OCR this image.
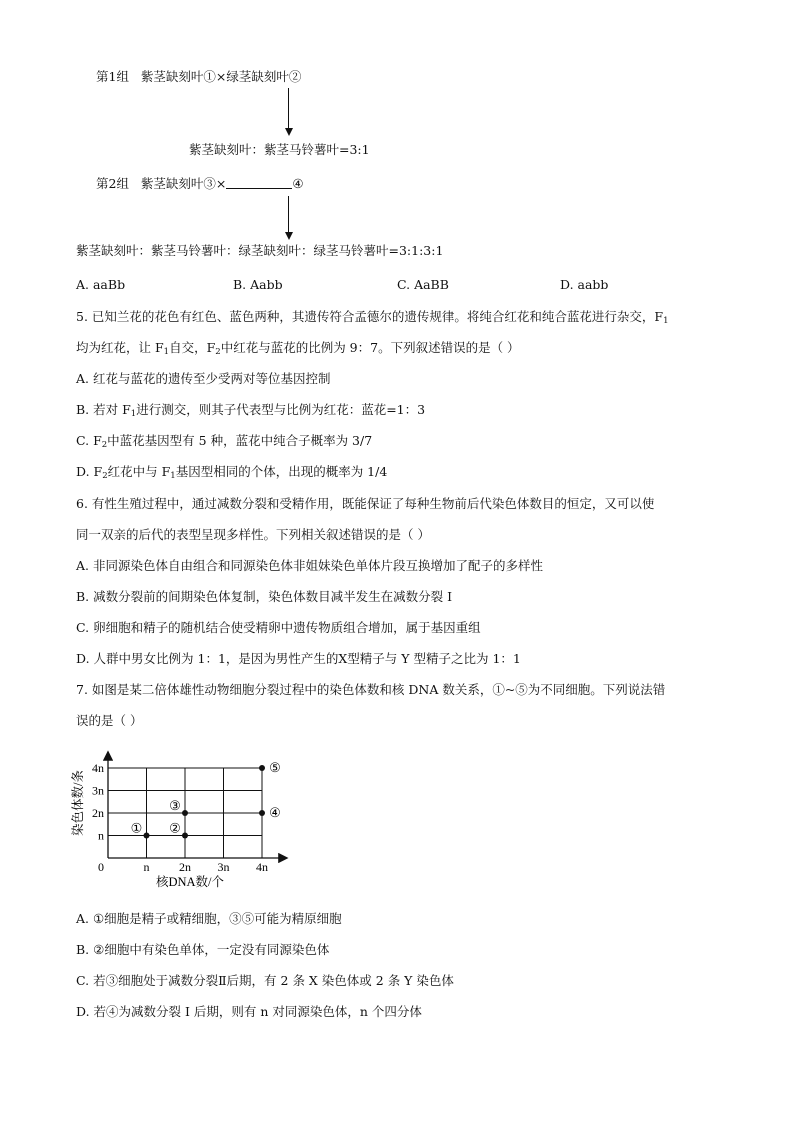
第1组 紫茎缺刻叶①×绿茎缺刻叶②
紫茎缺刻叶：紫茎马铃薯叶=3:1
第2组 紫茎缺刻叶③×	④
紫茎缺刻叶：紫茎马铃薯叶：绿茎缺刻叶：绿茎马铃薯叶=3:1:3:1
A. aaBb	B. Aabb	C. AaBB	D. aabb
5. 已知兰花的花色有红色、蓝色两种，其遗传符合孟德尔的遗传规律。将纯合红花和纯合蓝花进行杂交，$F_1$
均为红花，让 $F_1$自交，$F_2$中红花与蓝花的比例为 9：7。下列叙述错误的是（ ）
A. 红花与蓝花的遗传至少受两对等位基因控制
B. 若对 $F_1$进行测交，则其子代表型与比例为红花：蓝花=1：3
C. $F_2$中蓝花基因型有 5 种，蓝花中纯合子概率为 3/7
D. $F_2$红花中与 $F_1$基因型相同的个体，出现的概率为 1/4
6. 有性生殖过程中，通过减数分裂和受精作用，既能保证了每种生物前后代染色体数目的恒定，又可以使
同一双亲的后代的表型呈现多样性。下列相关叙述错误的是（ ）
A. 非同源染色体自由组合和同源染色体非姐妹染色单体片段互换增加了配子的多样性
B. 减数分裂前的间期染色体复制，染色体数目减半发生在减数分裂 I
C. 卵细胞和精子的随机结合使受精卵中遗传物质组合增加，属于基因重组
D. 人群中男女比例为 1：1，是因为男性产生的X型精子与 Y 型精子之比为 1：1
7. 如图是某二倍体雄性动物细胞分裂过程中的染色体数和核 DNA 数关系，①~⑤为不同细胞。下列说法错
误的是（ ）
n 2n 3n 4n
n
2n
3n
4n
① ②
③	④
⑤
0
核DNA数/个
染色体数/条
A. ①细胞是精子或精细胞，③⑤可能为精原细胞
B. ②细胞中有染色单体，一定没有同源染色体
C. 若③细胞处于减数分裂Ⅱ后期，有 2 条 X 染色体或 2 条 Y 染色体
D. 若④为减数分裂 I 后期，则有 n 对同源染色体，n 个四分体
